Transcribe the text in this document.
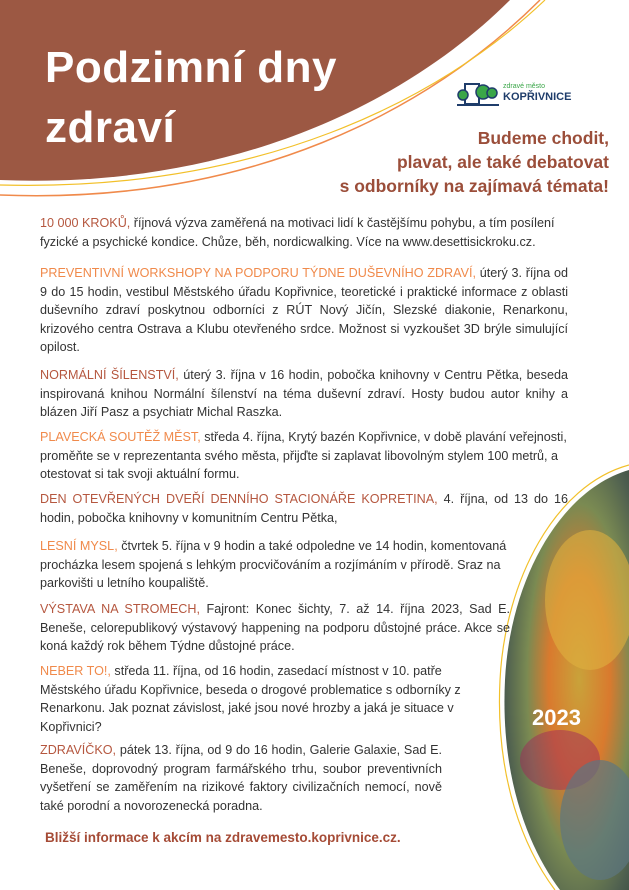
Podzimní dny
zdraví
zdravé město
KOPŘIVNICE
Budeme chodit,
plavat, ale také debatovat
s odborníky na zajímavá témata!
10 000 KROKŮ, říjnová výzva zaměřená na motivaci lidí k častějšímu pohybu, a tím posílení fyzické a psychické kondice. Chůze, běh, nordicwalking. Více na www.desettisickroku.cz.
PREVENTIVNÍ WORKSHOPY NA PODPORU TÝDNE DUŠEVNÍHO ZDRAVÍ, úterý 3. října od 9 do 15 hodin, vestibul Městského úřadu Kopřivnice, teoretické i praktické informace z oblasti duševního zdraví poskytnou odborníci z RÚT Nový Jičín, Slezské diakonie, Renarkonu, krizového centra Ostrava a Klubu otevřeného srdce. Možnost si vyzkoušet 3D brýle simulující opilost.
NORMÁLNÍ ŠÍLENSTVÍ, úterý 3. října v 16 hodin, pobočka knihovny v Centru Pětka, beseda inspirovaná knihou Normální šílenství na téma duševní zdraví. Hosty budou autor knihy a blázen Jiří Pasz a psychiatr Michal Raszka.
PLAVECKÁ SOUTĚŽ MĚST, středa 4. října, Krytý bazén Kopřivnice, v době plavání veřejnosti, proměňte se v reprezentanta svého města, přijďte si zaplavat libovolným stylem 100 metrů, a otestovat si tak svoji aktuální formu.
DEN OTEVŘENÝCH DVEŘÍ DENNÍHO STACIONÁŘE KOPRETINA, 4. října, od 13 do 16 hodin, pobočka knihovny v komunitním Centru Pětka,
LESNÍ MYSL, čtvrtek 5. října v 9 hodin a také odpoledne ve 14 hodin, komentovaná procházka lesem spojená s lehkým procvičováním a rozjímáním v přírodě. Sraz na parkovišti u letního koupaliště.
VÝSTAVA NA STROMECH, Fajront: Konec šichty, 7. až 14. října 2023, Sad E. Beneše, celorepublikový výstavový happening na podporu důstojné práce. Akce se koná každý rok během Týdne důstojné práce.
NEBER TO!, středa 11. října, od 16 hodin, zasedací místnost v 10. patře Městského úřadu Kopřivnice, beseda o drogové problematice s odborníky z Renarkonu. Jak poznat závislost, jaké jsou nové hrozby a jaká je situace v Kopřivnici?
ZDRAVÍČKO, pátek 13. října, od 9 do 16 hodin, Galerie Galaxie, Sad E. Beneše, doprovodný program farmářského trhu, soubor preventivních vyšetření se zaměřením na rizikové faktory civilizačních nemocí, nově také porodní a novorozenecká poradna.
Bližší informace k akcím na zdravemesto.koprivnice.cz.
2023
